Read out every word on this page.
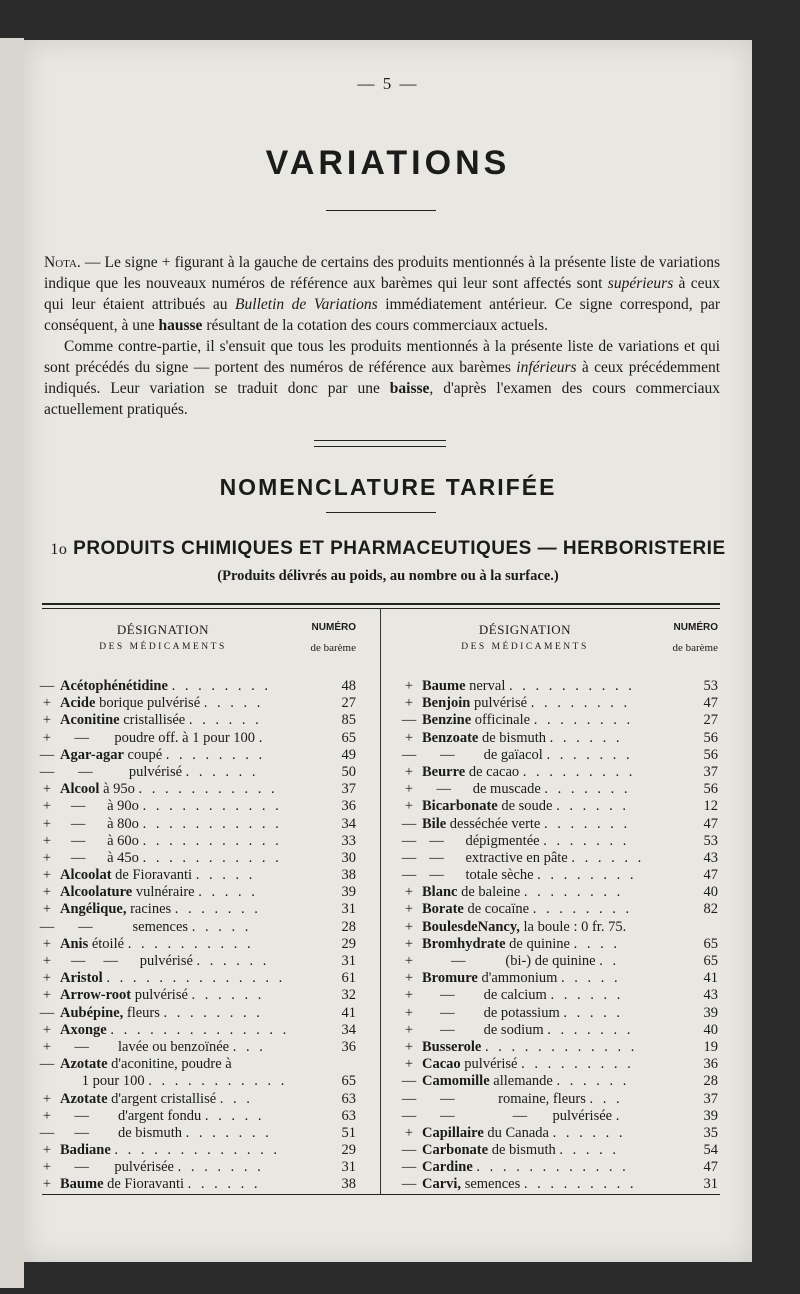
— 5 —
VARIATIONS

Nota. — Le signe + figurant à la gauche de certains des produits mentionnés à la présente liste de variations indique que les nouveaux numéros de référence aux barèmes qui leur sont affectés sont supérieurs à ceux qui leur étaient attribués au Bulletin de Variations immédiatement antérieur. Ce signe correspond, par conséquent, à une hausse résultant de la cotation des cours commerciaux actuels.

Comme contre-partie, il s'ensuit que tous les produits mentionnés à la présente liste de variations et qui sont précédés du signe — portent des numéros de référence aux barèmes inférieurs à ceux précédemment indiqués. Leur variation se traduit donc par une baisse, d'après l'examen des cours commerciaux actuellement pratiqués.

NOMENCLATURE TARIFÉE
1o PRODUITS CHIMIQUES ET PHARMACEUTIQUES — HERBORISTERIE
(Produits délivrés au poids, au nombre ou à la surface.)
DÉSIGNATION
DES MÉDICAMENTS
NUMÉRO
de barème
— Acétophénétidine . . . . . . . .	48
+ Acide borique pulvérisé . . . . .	27
+ Aconitine cristallisée . . . . . .	85
+ —       poudre off. à 1 pour 100 .	65
— Agar-agar coupé . . . . . . . .	49
— —          pulvérisé . . . . . .	50
+ Alcool à 95o . . . . . . . . . . .	37
+ —      à 90o . . . . . . . . . . .	36
+ —      à 80o . . . . . . . . . . .	34
+ —      à 60o . . . . . . . . . . .	33
+ —      à 45o . . . . . . . . . . .	30
+ Alcoolat de Fioravanti . . . . .	38
+ Alcoolature vulnéraire . . . . .	39
+ Angélique, racines . . . . . . .	31
— —           semences . . . . .	28
+ Anis étoilé . . . . . . . . . .	29
+ —     —      pulvérisé . . . . . .	31
+ Aristol . . . . . . . . . . . . . .	61
+ Arrow-root pulvérisé . . . . . .	32
— Aubépine, fleurs . . . . . . . .	41
+ Axonge . . . . . . . . . . . . . .	34
+ —        lavée ou benzoïnée . . .	36
— Azotate d'aconitine, poudre à
1 pour 100 . . . . . . . . . . .	65
+ Azotate d'argent cristallisé . . .	63
+ —        d'argent fondu . . . . .	63
— —        de bismuth . . . . . . .	51
+ Badiane . . . . . . . . . . . . .	29
+ —       pulvérisée . . . . . . .	31
+ Baume de Fioravanti . . . . . .	38
DÉSIGNATION
DES MÉDICAMENTS
NUMÉRO
de barème
+ Baume nerval . . . . . . . . . .	53
+ Benjoin pulvérisé . . . . . . . .	47
— Benzine officinale . . . . . . . .	27
+ Benzoate de bismuth . . . . . .	56
— —        de gaïacol . . . . . . .	56
+ Beurre de cacao . . . . . . . . .	37
+ —      de muscade . . . . . . .	56
+ Bicarbonate de soude . . . . . .	12
— Bile desséchée verte . . . . . . .	47
— —      dépigmentée . . . . . . .	53
— —      extractive en pâte . . . . . .	43
— —      totale sèche . . . . . . . .	47
+ Blanc de baleine . . . . . . . .	40
+ Borate de cocaïne . . . . . . . .	82
+ BoulesdeNancy, la boule : 0 fr. 75.
+ Bromhydrate de quinine . . . .	65
+ —           (bi-) de quinine . .	65
+ Bromure d'ammonium . . . . .	41
+ —        de calcium . . . . . .	43
+ —        de potassium . . . . .	39
+ —        de sodium . . . . . . .	40
+ Busserole . . . . . . . . . . . .	19
+ Cacao pulvérisé . . . . . . . . .	36
— Camomille allemande . . . . . .	28
— —            romaine, fleurs . . .	37
— —                —       pulvérisée .	39
+ Capillaire du Canada . . . . . .	35
— Carbonate de bismuth . . . . .	54
— Cardine . . . . . . . . . . . .	47
— Carvi, semences . . . . . . . . .	31
